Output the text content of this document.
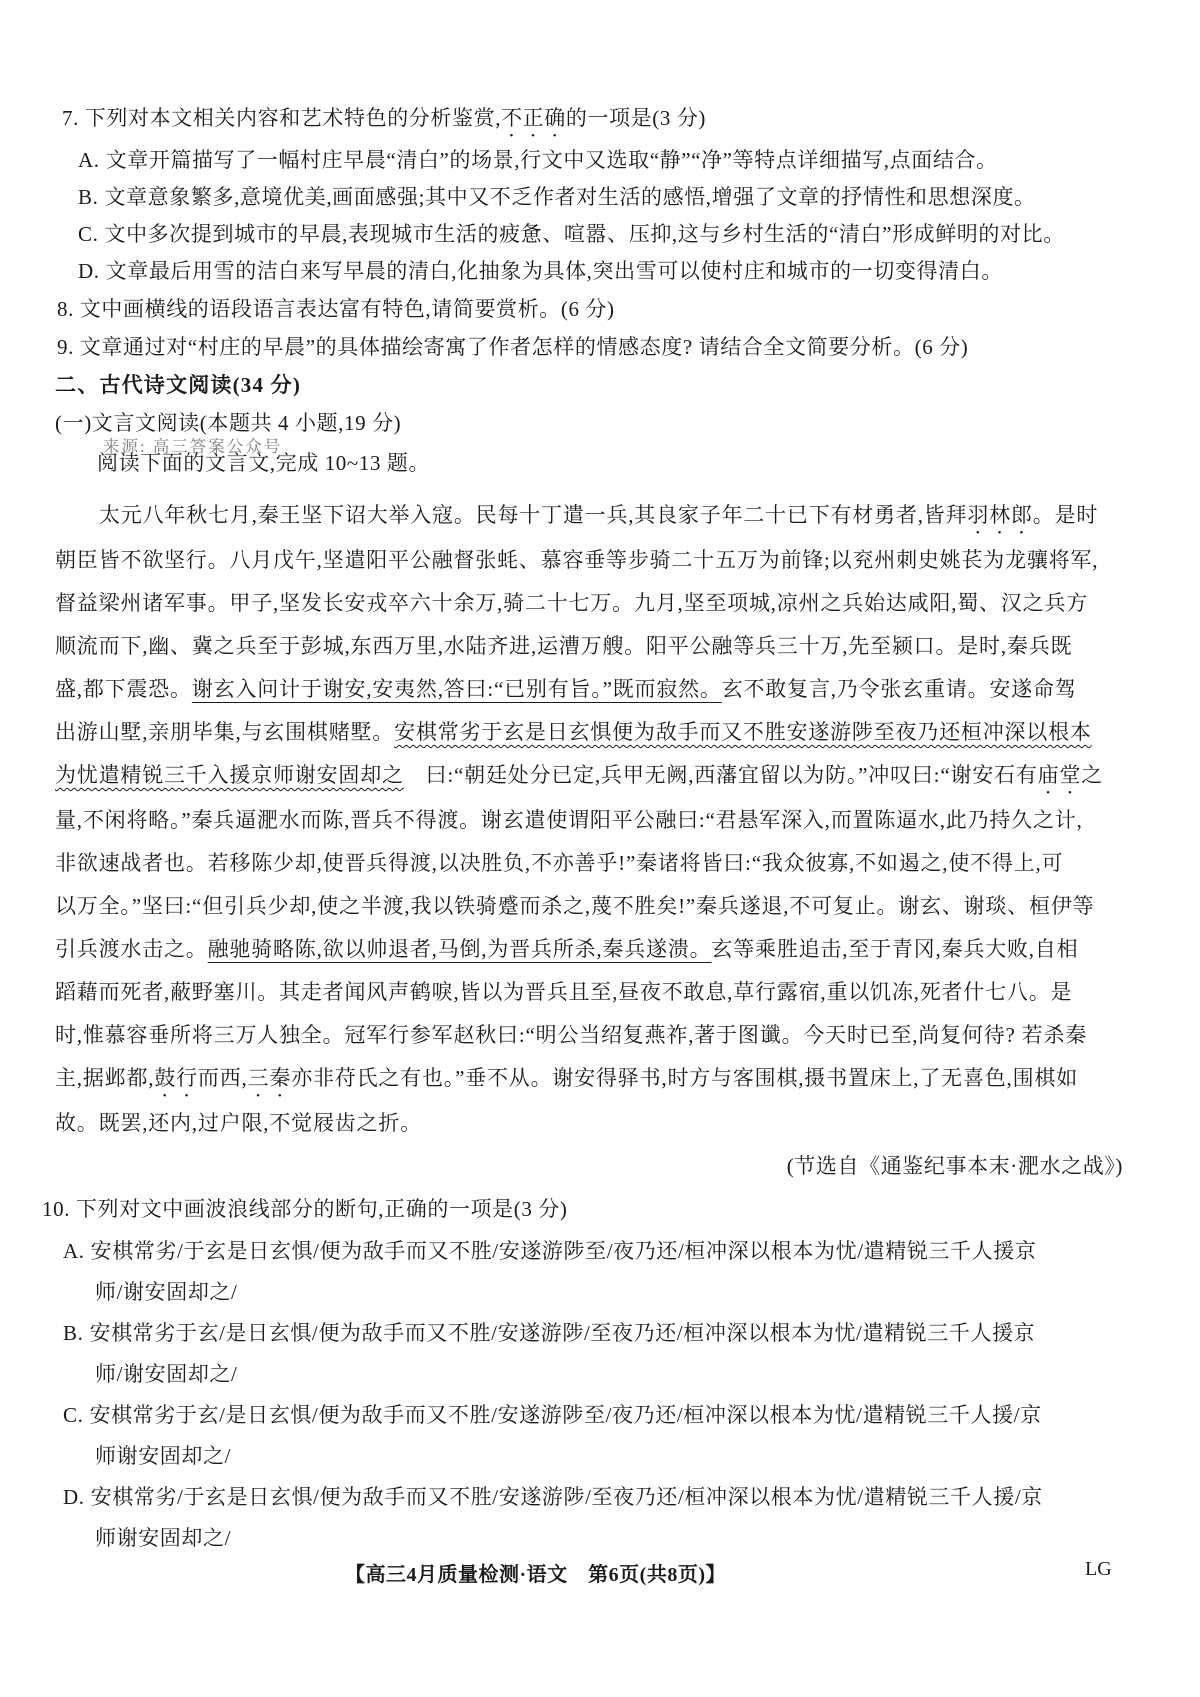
7. 下列对本文相关内容和艺术特色的分析鉴赏,不正确的一项是(3 分)
A. 文章开篇描写了一幅村庄早晨“清白”的场景,行文中又选取“静”“净”等特点详细描写,点面结合。
B. 文章意象繁多,意境优美,画面感强;其中又不乏作者对生活的感悟,增强了文章的抒情性和思想深度。
C. 文中多次提到城市的早晨,表现城市生活的疲惫、喧嚣、压抑,这与乡村生活的“清白”形成鲜明的对比。
D. 文章最后用雪的洁白来写早晨的清白,化抽象为具体,突出雪可以使村庄和城市的一切变得清白。
8. 文中画横线的语段语言表达富有特色,请简要赏析。(6 分)
9. 文章通过对“村庄的早晨”的具体描绘寄寓了作者怎样的情感态度? 请结合全文简要分析。(6 分)
二、古代诗文阅读(34 分)
(一)文言文阅读(本题共 4 小题,19 分)
来源: 高三答案公众号
阅读下面的文言文,完成 10~13 题。
太元八年秋七月,秦王坚下诏大举入寇。民每十丁遣一兵,其良家子年二十已下有材勇者,皆拜羽林郎。是时
朝臣皆不欲坚行。八月戊午,坚遣阳平公融督张蚝、慕容垂等步骑二十五万为前锋;以兖州刺史姚苌为龙骧将军,
督益梁州诸军事。甲子,坚发长安戎卒六十余万,骑二十七万。九月,坚至项城,凉州之兵始达咸阳,蜀、汉之兵方
顺流而下,幽、冀之兵至于彭城,东西万里,水陆齐进,运漕万艘。阳平公融等兵三十万,先至颍口。是时,秦兵既
盛,都下震恐。谢玄入问计于谢安,安夷然,答曰:“已别有旨。”既而寂然。玄不敢复言,乃令张玄重请。安遂命驾
出游山墅,亲朋毕集,与玄围棋赌墅。安棋常劣于玄是日玄惧便为敌手而又不胜安遂游陟至夜乃还桓冲深以根本
为忧遣精锐三千入援京师谢安固却之　曰:“朝廷处分已定,兵甲无阙,西藩宜留以为防。”冲叹曰:“谢安石有庙堂之
量,不闲将略。”秦兵逼淝水而陈,晋兵不得渡。谢玄遣使谓阳平公融曰:“君悬军深入,而置陈逼水,此乃持久之计,
非欲速战者也。若移陈少却,使晋兵得渡,以决胜负,不亦善乎!”秦诸将皆曰:“我众彼寡,不如遏之,使不得上,可
以万全。”坚曰:“但引兵少却,使之半渡,我以铁骑蹙而杀之,蔑不胜矣!”秦兵遂退,不可复止。谢玄、谢琰、桓伊等
引兵渡水击之。融驰骑略陈,欲以帅退者,马倒,为晋兵所杀,秦兵遂溃。玄等乘胜追击,至于青冈,秦兵大败,自相
蹈藉而死者,蔽野塞川。其走者闻风声鹤唳,皆以为晋兵且至,昼夜不敢息,草行露宿,重以饥冻,死者什七八。是
时,惟慕容垂所将三万人独全。冠军行参军赵秋曰:“明公当绍复燕祚,著于图谶。今天时已至,尚复何待? 若杀秦
主,据邺都,鼓行而西,三秦亦非苻氏之有也。”垂不从。谢安得驿书,时方与客围棋,摄书置床上,了无喜色,围棋如
故。既罢,还内,过户限,不觉屐齿之折。
(节选自《通鉴纪事本末·淝水之战》)
10. 下列对文中画波浪线部分的断句,正确的一项是(3 分)
A. 安棋常劣/于玄是日玄惧/便为敌手而又不胜/安遂游陟至/夜乃还/桓冲深以根本为忧/遣精锐三千人援京
师/谢安固却之/
B. 安棋常劣于玄/是日玄惧/便为敌手而又不胜/安遂游陟/至夜乃还/桓冲深以根本为忧/遣精锐三千人援京
师/谢安固却之/
C. 安棋常劣于玄/是日玄惧/便为敌手而又不胜/安遂游陟至/夜乃还/桓冲深以根本为忧/遣精锐三千人援/京
师谢安固却之/
D. 安棋常劣/于玄是日玄惧/便为敌手而又不胜/安遂游陟/至夜乃还/桓冲深以根本为忧/遣精锐三千人援/京
师谢安固却之/
【高三4月质量检测·语文　第6页(共8页)】	LG
